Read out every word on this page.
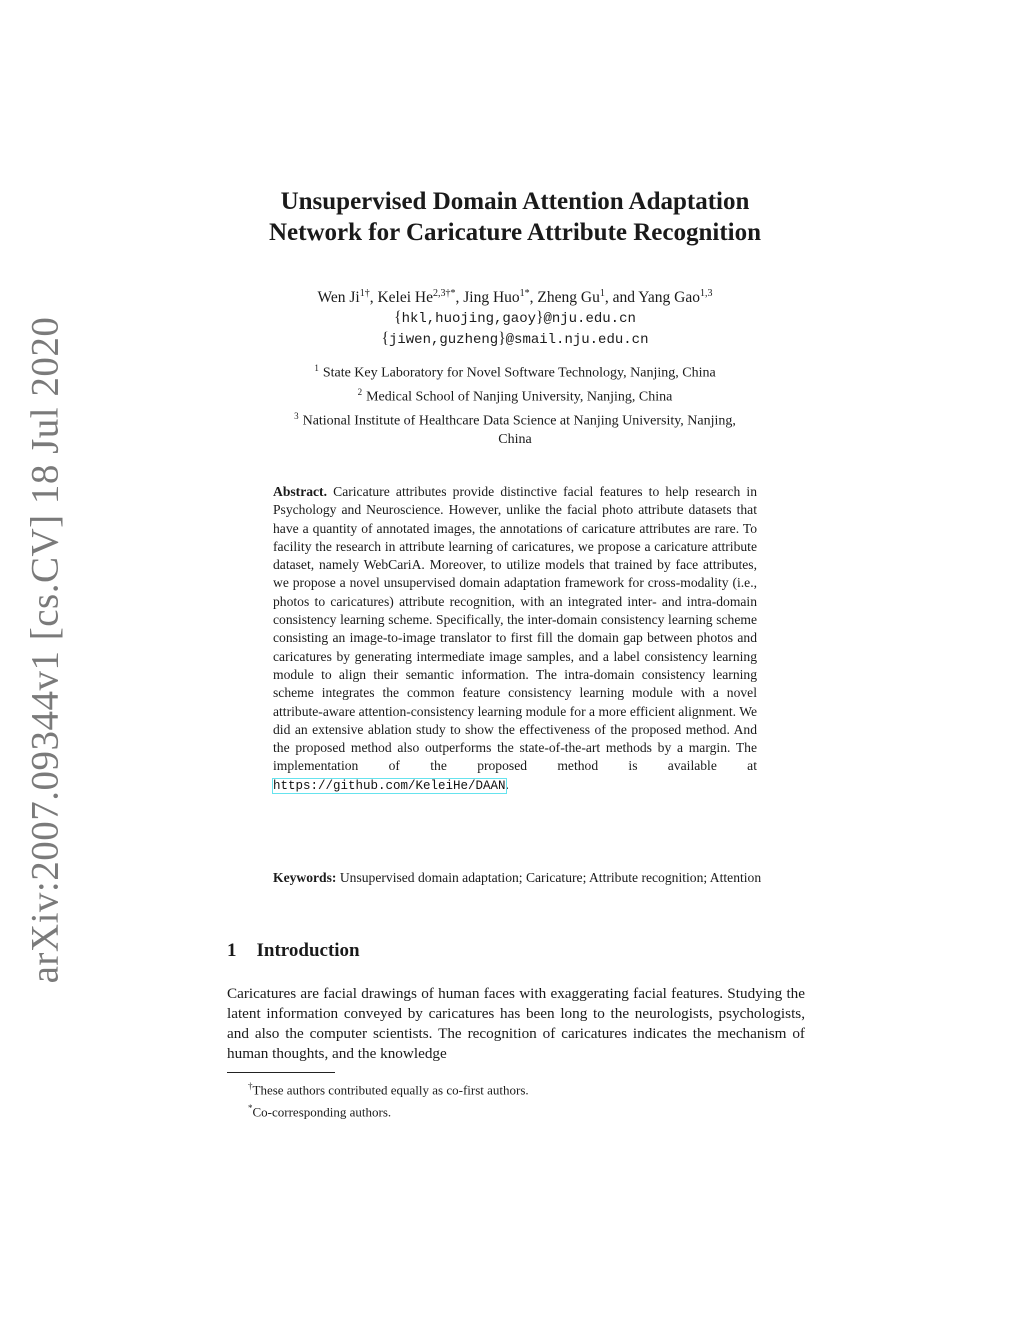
arXiv:2007.09344v1 [cs.CV] 18 Jul 2020
Unsupervised Domain Attention Adaptation
Network for Caricature Attribute Recognition
Wen $Ji^{1\dagger}$, Kelei $He^{2,3\dagger*}$, Jing Huo$^{1*}$, Zheng Gu$^1$, and Yang Gao$^{1,3}$
{hkl,huojing,gaoy}@nju.edu.cn
{jiwen,guzheng}@smail.nju.edu.cn
$^1$ State Key Laboratory for Novel Software Technology, Nanjing, China
$^2$ Medical School of Nanjing University, Nanjing, China
$^3$ National Institute of Healthcare Data Science at Nanjing University, Nanjing,
China
Abstract. Caricature attributes provide distinctive facial features to help research in Psychology and Neuroscience. However, unlike the facial photo attribute datasets that have a quantity of annotated images, the annotations of caricature attributes are rare. To facility the research in attribute learning of caricatures, we propose a caricature attribute dataset, namely WebCariA. Moreover, to utilize models that trained by face attributes, we propose a novel unsupervised domain adaptation framework for cross-modality (i.e., photos to caricatures) attribute recognition, with an integrated inter- and intra-domain consistency learning scheme. Specifically, the inter-domain consistency learning scheme consisting an image-to-image translator to first fill the domain gap between photos and caricatures by generating intermediate image samples, and a label consistency learning module to align their semantic information. The intra-domain consistency learning scheme integrates the common feature consistency learning module with a novel attribute-aware attention-consistency learning module for a more efficient alignment. We did an extensive ablation study to show the effectiveness of the proposed method. And the proposed method also outperforms the state-of-the-art methods by a margin. The implementation of the proposed method is available at https://github.com/KeleiHe/DAAN.
Keywords: Unsupervised domain adaptation; Caricature; Attribute recognition; Attention
1 Introduction
Caricatures are facial drawings of human faces with exaggerating facial features. Studying the latent information conveyed by caricatures has been long to the neurologists, psychologists, and also the computer scientists. The recognition of caricatures indicates the mechanism of human thoughts, and the knowledge
†These authors contributed equally as co-first authors.
*Co-corresponding authors.
